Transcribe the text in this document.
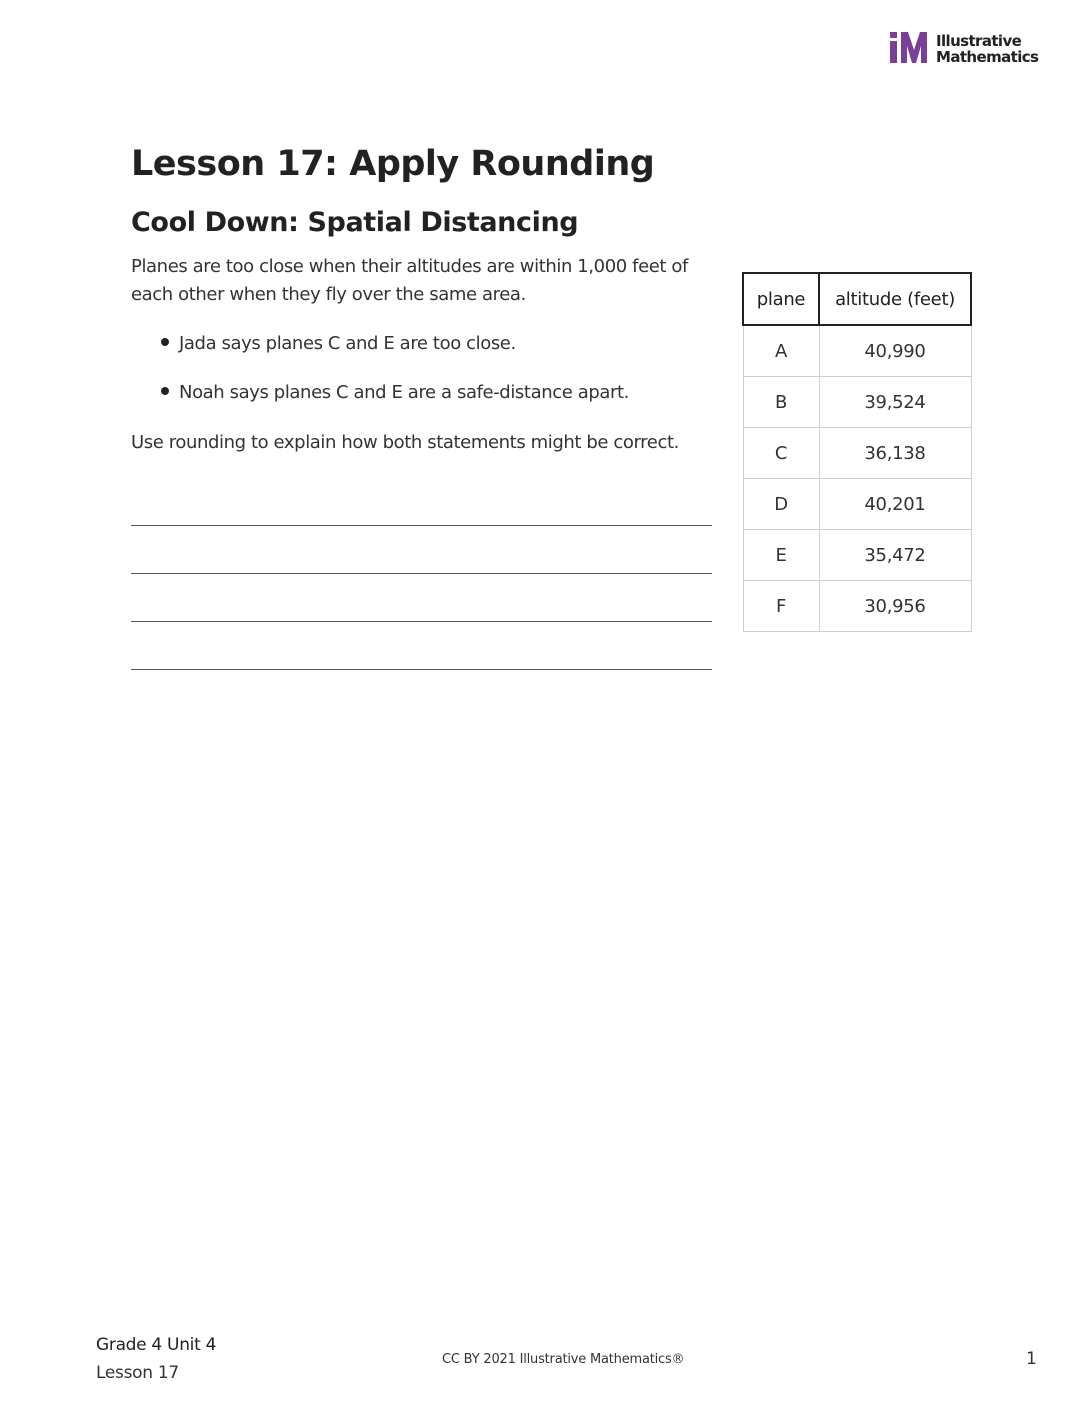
Illustrative
Mathematics
Lesson 17: Apply Rounding
Cool Down: Spatial Distancing

Planes are too close when their altitudes are within 1,000 feet of each other when they fly over the same area.

Jada says planes C and E are too close.
Noah says planes C and E are a safe-distance apart.

Use rounding to explain how both statements might be correct.

plane	altitude (feet)
A	40,990
B	39,524
C	36,138
D	40,201
E	35,472
F	30,956
Grade 4 Unit 4
Lesson 17
CC BY 2021 Illustrative Mathematics®	1
